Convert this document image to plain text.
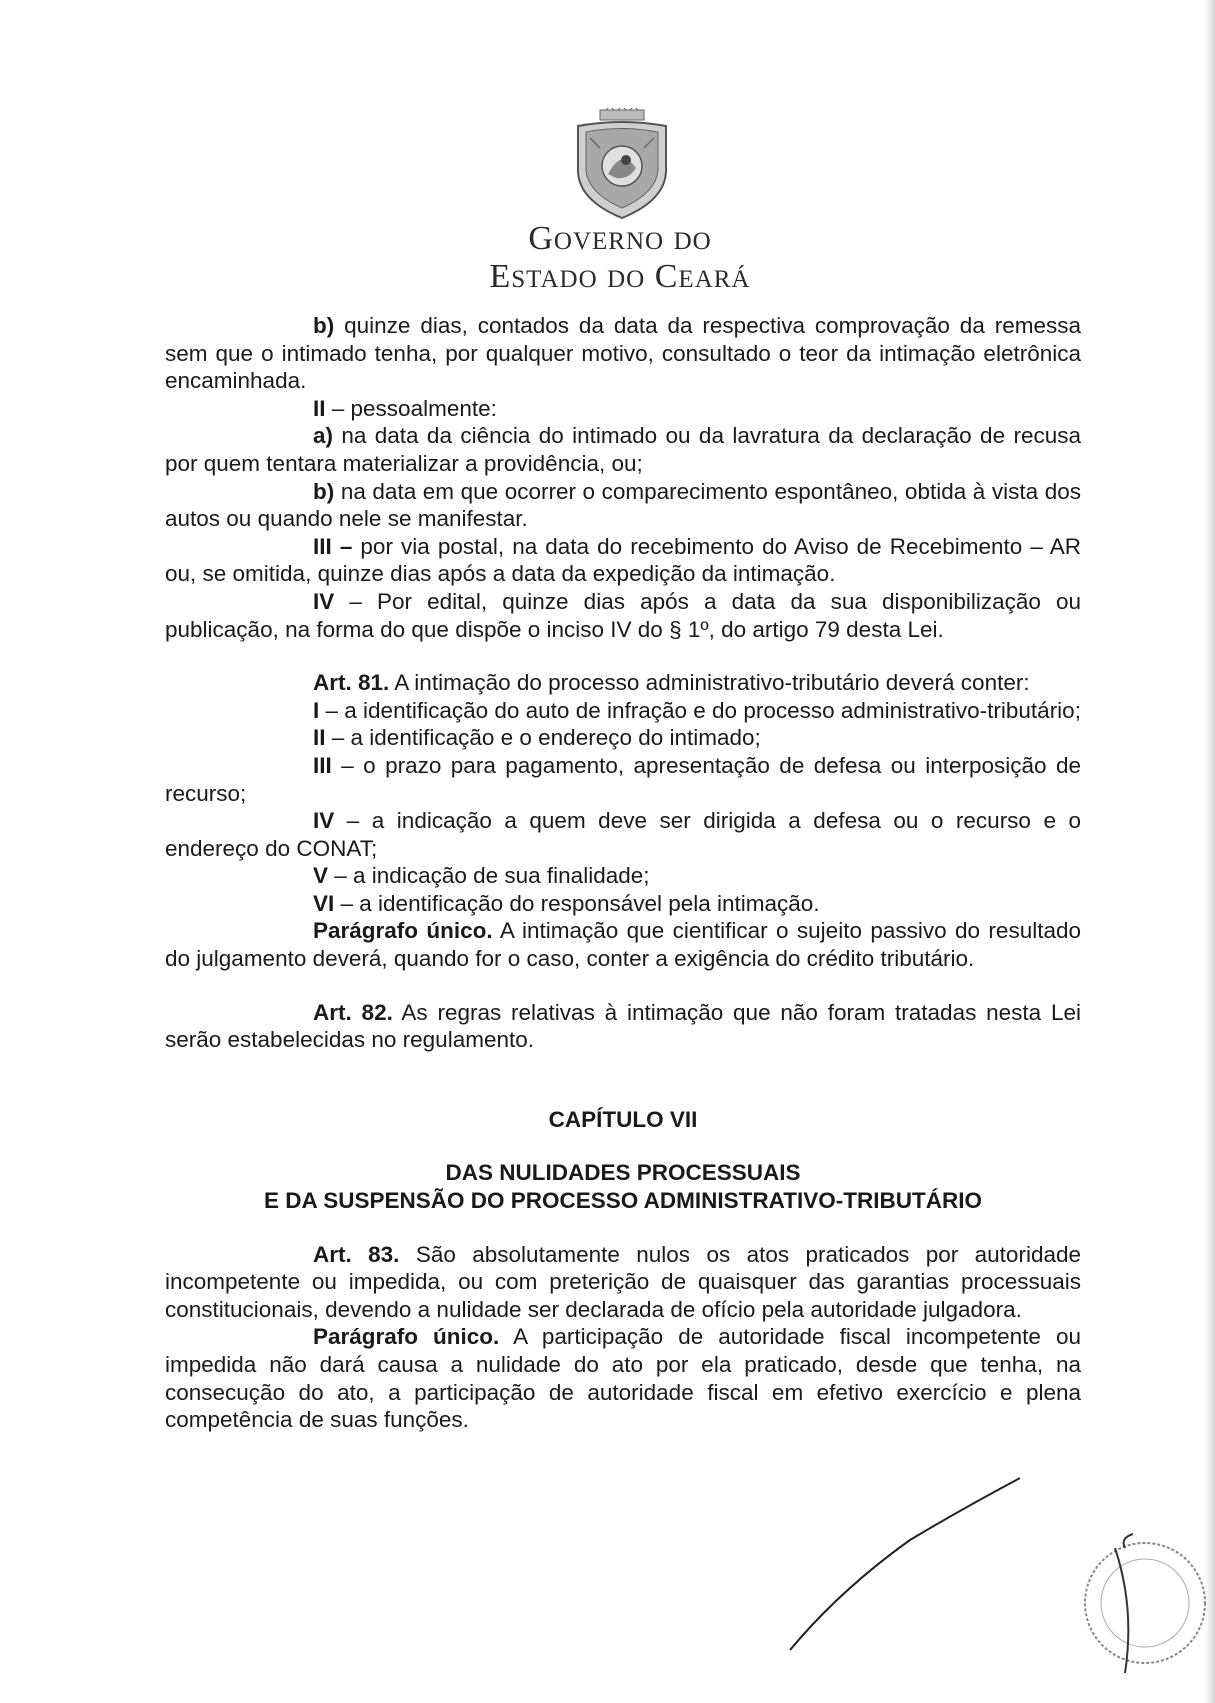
GOVERNO DO
ESTADO DO CEARÁ

b) quinze dias, contados da data da respectiva comprovação da remessa sem que o intimado tenha, por qualquer motivo, consultado o teor da intimação eletrônica encaminhada.

II – pessoalmente:

a) na data da ciência do intimado ou da lavratura da declaração de recusa por quem tentara materializar a providência, ou;

b) na data em que ocorrer o comparecimento espontâneo, obtida à vista dos autos ou quando nele se manifestar.

III – por via postal, na data do recebimento do Aviso de Recebimento – AR ou, se omitida, quinze dias após a data da expedição da intimação.

IV – Por edital, quinze dias após a data da sua disponibilização ou publicação, na forma do que dispõe o inciso IV do § 1º, do artigo 79 desta Lei.

Art. 81. A intimação do processo administrativo-tributário deverá conter:

I – a identificação do auto de infração e do processo administrativo-tributário;

II – a identificação e o endereço do intimado;

III – o prazo para pagamento, apresentação de defesa ou interposição de recurso;

IV – a indicação a quem deve ser dirigida a defesa ou o recurso e o endereço do CONAT;

V – a indicação de sua finalidade;

VI – a identificação do responsável pela intimação.

Parágrafo único. A intimação que cientificar o sujeito passivo do resultado do julgamento deverá, quando for o caso, conter a exigência do crédito tributário.

Art. 82. As regras relativas à intimação que não foram tratadas nesta Lei serão estabelecidas no regulamento.

CAPÍTULO VII

DAS NULIDADES PROCESSUAIS

E DA SUSPENSÃO DO PROCESSO ADMINISTRATIVO-TRIBUTÁRIO

Art. 83. São absolutamente nulos os atos praticados por autoridade incompetente ou impedida, ou com preterição de quaisquer das garantias processuais constitucionais, devendo a nulidade ser declarada de ofício pela autoridade julgadora.

Parágrafo único. A participação de autoridade fiscal incompetente ou impedida não dará causa a nulidade do ato por ela praticado, desde que tenha, na consecução do ato, a participação de autoridade fiscal em efetivo exercício e plena competência de suas funções.
